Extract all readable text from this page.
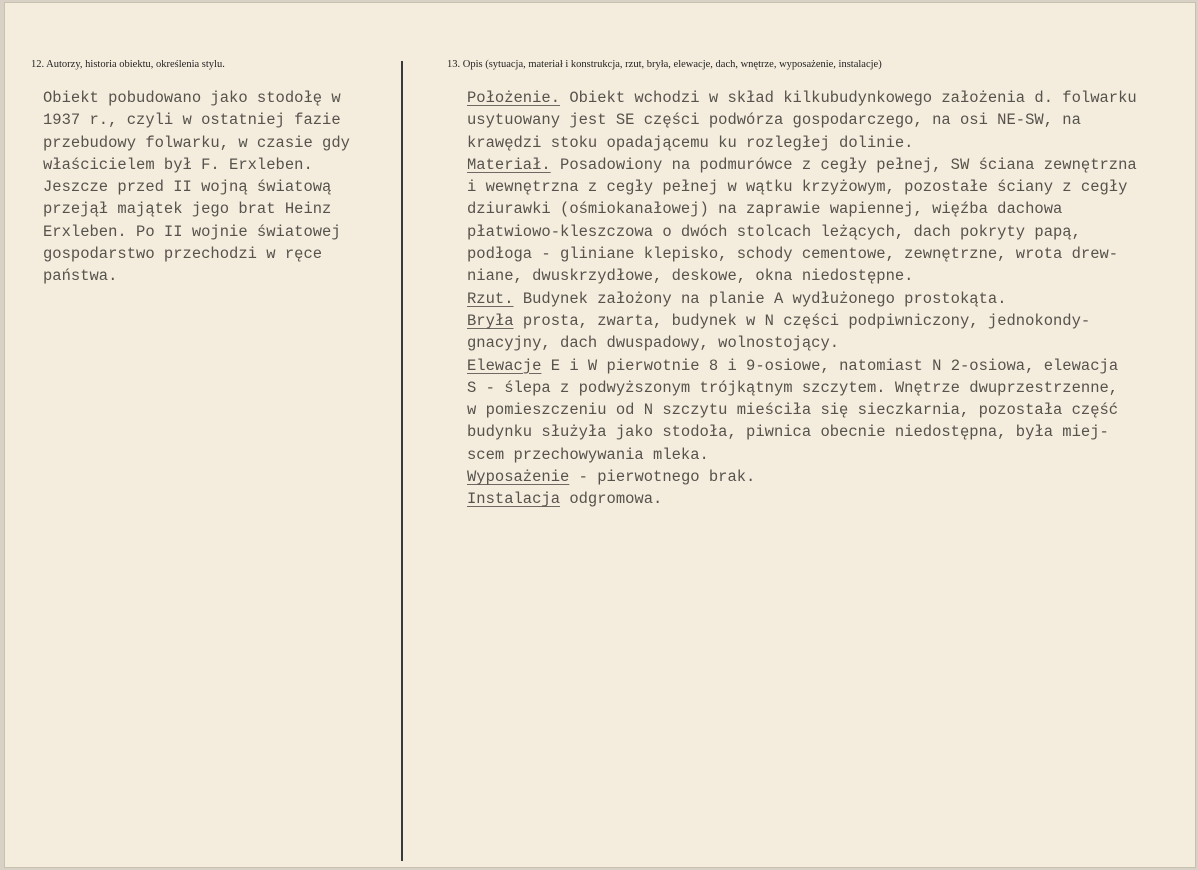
12. Autorzy, historia obiektu, określenia stylu.	13. Opis (sytuacja, materiał i konstrukcja, rzut, bryła, elewacje, dach, wnętrze, wyposażenie, instalacje)
Obiekt pobudowano jako stodołę w
1937 r., czyli w ostatniej fazie
przebudowy folwarku, w czasie gdy
właścicielem był F. Erxleben.
Jeszcze przed II wojną światową
przejął majątek jego brat Heinz
Erxleben. Po II wojnie światowej
gospodarstwo przechodzi w ręce
państwa.
Położenie. Obiekt wchodzi w skład kilkubudynkowego założenia d. folwarku
usytuowany jest SE części podwórza gospodarczego, na osi NE-SW, na
krawędzi stoku opadającemu ku rozległej dolinie.
Materiał. Posadowiony na podmurówce z cegły pełnej, SW ściana zewnętrzna
i wewnętrzna z cegły pełnej w wątku krzyżowym, pozostałe ściany z cegły
dziurawki (ośmiokanałowej) na zaprawie wapiennej, więźba dachowa
płatwiowo-kleszczowa o dwóch stolcach leżących, dach pokryty papą,
podłoga - gliniane klepisko, schody cementowe, zewnętrzne, wrota drew-
niane, dwuskrzydłowe, deskowe, okna niedostępne.
Rzut. Budynek założony na planie A wydłużonego prostokąta.
Bryła prosta, zwarta, budynek w N części podpiwniczony, jednokondy-
gnacyjny, dach dwuspadowy, wolnostojący.
Elewacje E i W pierwotnie 8 i 9-osiowe, natomiast N 2-osiowa, elewacja
S - ślepa z podwyższonym trójkątnym szczytem. Wnętrze dwuprzestrzenne,
w pomieszczeniu od N szczytu mieściła się sieczkarnia, pozostała część
budynku służyła jako stodoła, piwnica obecnie niedostępna, była miej-
scem przechowywania mleka.
Wyposażenie - pierwotnego brak.
Instalacja odgromowa.
